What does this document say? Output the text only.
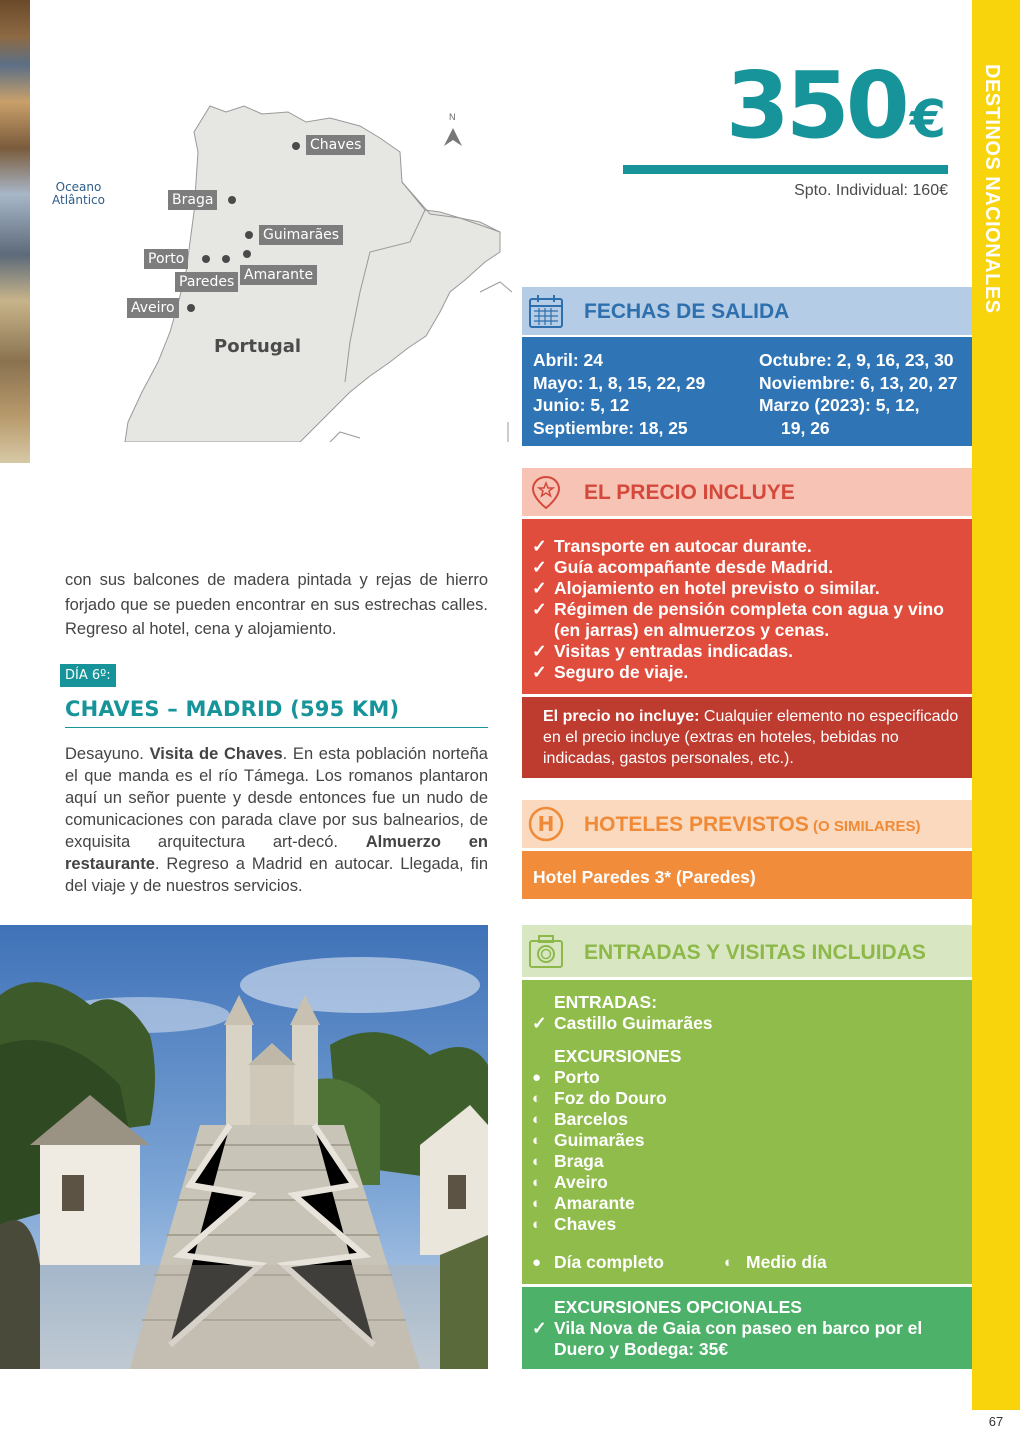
Oceano
Atlântico
N
Chaves
Braga
Guimarães
Porto
Paredes Amarante
Aveiro
Portugal
350€
Spto. Individual: 160€ DESTINOS NACIONALES
67
FECHAS DE SALIDA
Abril: 24
Mayo: 1, 8, 15, 22, 29
Junio: 5, 12
Septiembre: 18, 25
Octubre: 2, 9, 16, 23, 30
Noviembre: 6, 13, 20, 27
Marzo (2023): 5, 12,
19, 26
EL PRECIO INCLUYE
✓ Transporte en autocar durante.
✓ Guía acompañante desde Madrid.
✓ Alojamiento en hotel previsto o similar.
✓ Régimen de pensión completa con agua y vino (en jarras) en almuerzos y cenas.
✓ Visitas y entradas indicadas.
✓ Seguro de viaje.
El precio no incluye: Cualquier elemento no especificado en el precio incluye (extras en hoteles, bebidas no indicadas, gastos personales, etc.).
H HOTELES PREVISTOS (O SIMILARES)
Hotel Paredes 3* (Paredes)
ENTRADAS Y VISITAS INCLUIDAS
ENTRADAS:
✓ Castillo Guimarães
EXCURSIONES
● Porto
◐ Foz do Douro
◐ Barcelos
◐ Guimarães
◐ Braga
◐ Aveiro
◐ Amarante
◐ Chaves
● Día completo	◐ Medio día
EXCURSIONES OPCIONALES
✓ Vila Nova de Gaia con paseo en barco por el Duero y Bodega: 35€
con sus balcones de madera pintada y rejas de hierro forjado que se pueden encontrar en sus estrechas calles. Regreso al hotel, cena y alojamiento.
DÍA 6º:
CHAVES – MADRID (595 KM)
Desayuno. Visita de Chaves. En esta población norteña el que manda es el río Támega. Los romanos plantaron aquí un señor puente y desde entonces fue un nudo de comunicaciones con parada clave por sus balnearios, de exquisita arquitectura art-decó. Almuerzo en restaurante. Regreso a Madrid en autocar. Llegada, fin del viaje y de nuestros servicios.
